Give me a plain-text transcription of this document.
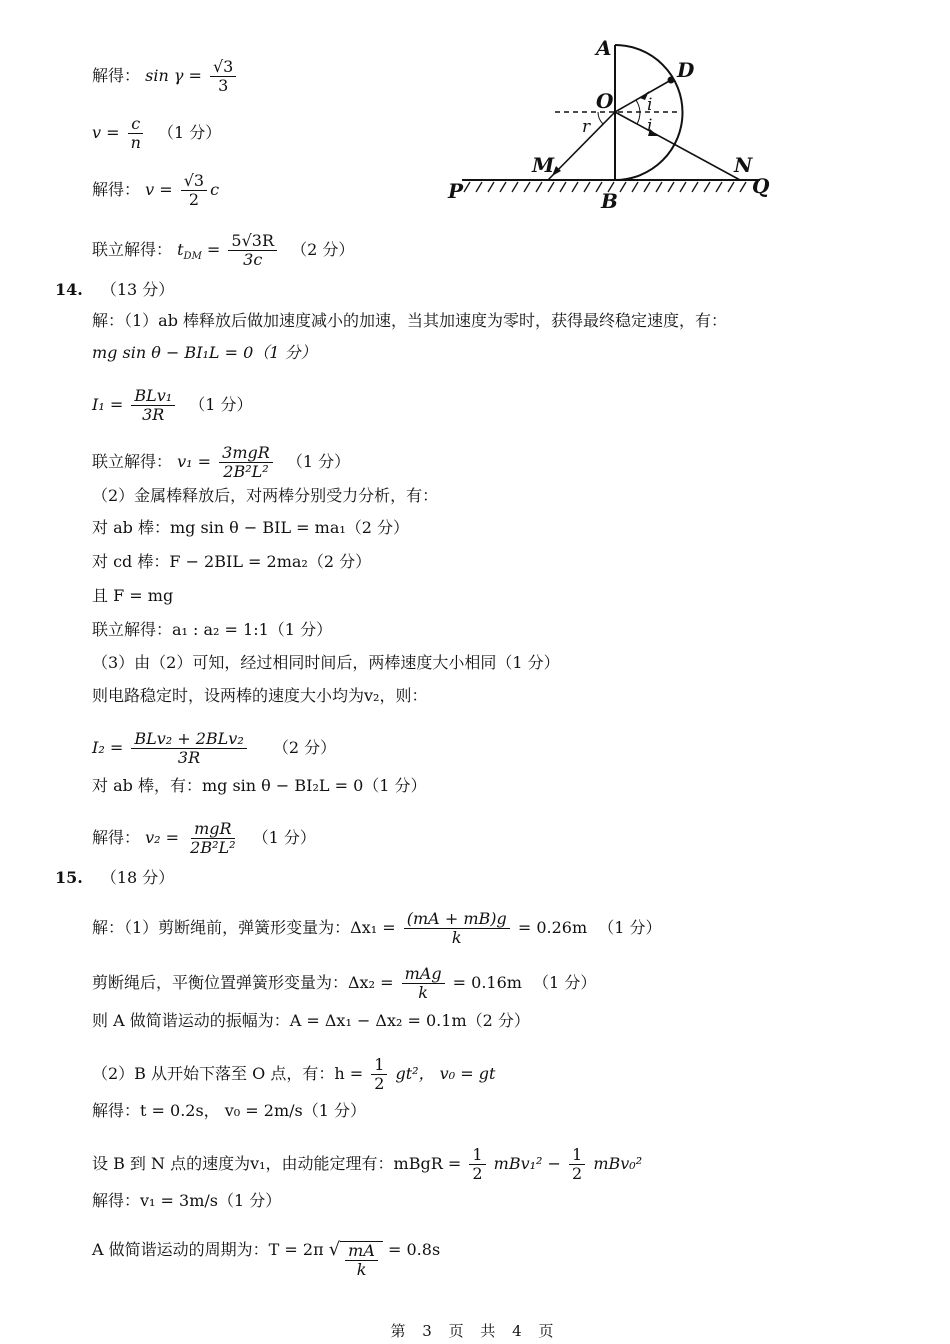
解得： $\sin \gamma = \frac{√3}{3}$
$v = \frac{c}{n} (1$ 分）
解得： $v = \frac{√3}{2}$ c
联立解得： $t_{DM} = \frac{5√3R}{3c} (2$ 分）
A
D
O
M	N
P	Q
B
i
i
r
14. （13 分）
解：（1）ab 棒释放后做加速度减小的加速，当其加速度为零时，获得最终稳定速度，有：
mg sin θ − BI₁L = 0（1 分）
$I_1 = \frac{\text{BLv₁}}{3R} (1$ 分）
联立解得： $v_1 = \frac{\text{3mgR}}{\text{2B²L²}} (1$ 分）
（2）金属棒释放后，对两棒分别受力分析，有：
对 ab 棒：mg sin θ − BIL = ma₁（2 分）
对 cd 棒：F − 2BIL = 2ma₂（2 分）
且 F = mg
联立解得：a₁ : a₂ = 1:1（1 分）
（3）由（2）可知，经过相同时间后，两棒速度大小相同（1 分）
则电路稳定时，设两棒的速度大小均为v₂，则：
$I_2 = \frac{\text{BLv₂ + 2BLv₂}}{3R} (2$ 分）
对 ab 棒，有：mg sin θ − BI₂L = 0（1 分）
解得： $v_2 = \frac{\text{mgR}}{\text{2B²L²}} (1$ 分）
15. （18 分）
解：（1）剪断绳前，弹簧形变量为：$\Delta x_1 = \frac{(mA + mB)g}{k} = 0.26m$ （1 分）
剪断绳后，平衡位置弹簧形变量为：$\Delta x_2 = \frac{\text{mAg}}{k} = 0.16m$ （1 分）
则 A 做简谐运动的振幅为：A = Δx₁ − Δx₂ = 0.1m（2 分）
（2）B 从开始下落至 O 点，有：$h = \frac{1}{2} gt^2$， v₀ = gt
解得：t = 0.2s， v₀ = 2m/s（1 分）
设 B 到 N 点的速度为v₁，由动能定理有：mBgR = $\frac{1}{2} mBv_1^2 - \frac{1}{2} mBv_0^2$
解得：v₁ = 3m/s（1 分）
A 做简谐运动的周期为：T = 2π √ $\frac{mA}{k} = 0.8s$
第 3 页 共 4 页
